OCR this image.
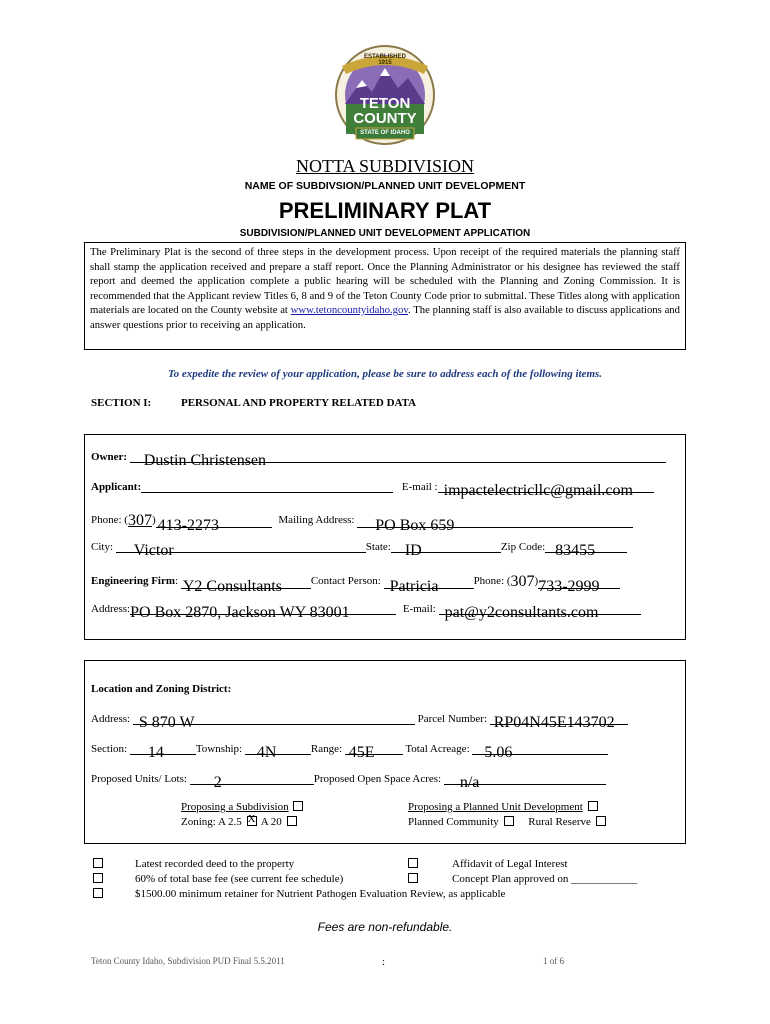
ESTABLISHED 1915
TETON
COUNTY
STATE OF IDAHO
NOTTA SUBDIVISION
NAME OF SUBDIVSION/PLANNED UNIT DEVELOPMENT
PRELIMINARY PLAT
SUBDIVISION/PLANNED UNIT DEVELOPMENT APPLICATION
The Preliminary Plat is the second of three steps in the development process. Upon receipt of the required materials the planning staff shall stamp the application received and prepare a staff report. Once the Planning Administrator or his designee has reviewed the staff report and deemed the application complete a public hearing will be scheduled with the Planning and Zoning Commission. It is recommended that the Applicant review Titles 6, 8 and 9 of the Teton County Code prior to submittal. These Titles along with application materials are located on the County website at www.tetoncountyidaho.gov. The planning staff is also available to discuss applications and answer questions prior to receiving an application.
To expedite the review of your application, please be sure to address each of the following items.
SECTION I:	PERSONAL AND PROPERTY RELATED DATA
Owner: Dustin Christensen
Applicant:	E-mail : impactelectricllc@gmail.com
Phone: (307) 413-2273	Mailing Address: PO Box 659
City: Victor	State: ID	Zip Code: 83455
Engineering Firm: Y2 Consultants	Contact Person: Patricia	Phone: (307)733-2999
Address:PO Box 2870, Jackson WY 83001	E-mail: pat@y2consultants.com
Location and Zoning District:
Address: S 870 W	Parcel Number: RP04N45E143702
Section: 14	Township: 4N	Range: 45E	Total Acreage: 5.06
Proposed Units/ Lots: 2	Proposed Open Space Acres: n/a
Proposing a Subdivision
Zoning: A 2.5 X A 20
Proposing a Planned Unit Development
Planned Community	Rural Reserve
Latest recorded deed to the property	Affidavit of Legal Interest
60% of total base fee (see current fee schedule)	Concept Plan approved on ____________
$1500.00 minimum retainer for Nutrient Pathogen Evaluation Review, as applicable
Fees are non-refundable.
Teton County Idaho, Subdivision PUD Final 5.5.2011	:	1 of 6
